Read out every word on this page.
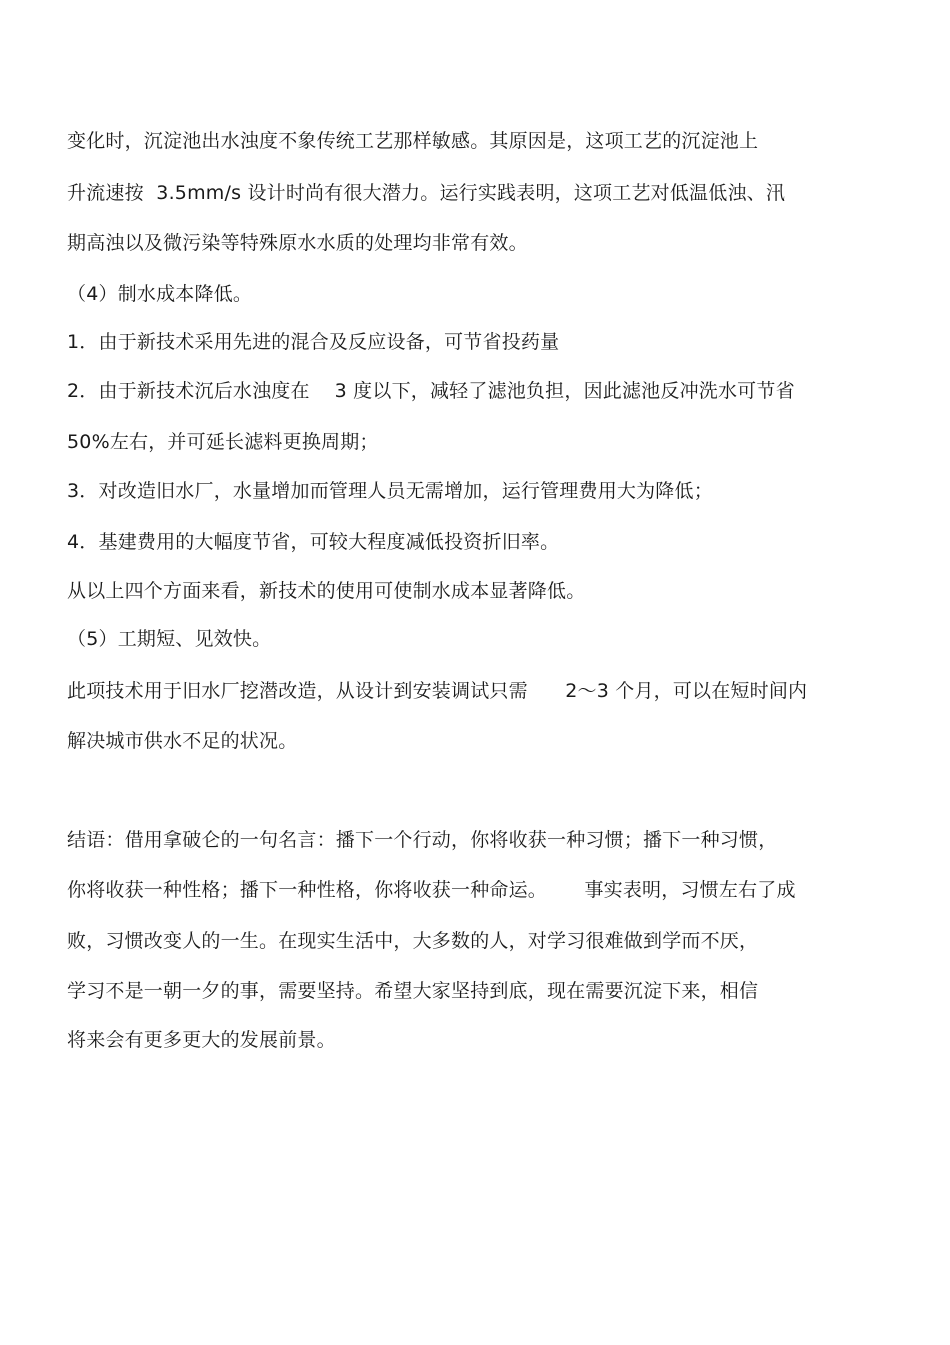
变化时，沉淀池出水浊度不象传统工艺那样敏感。其原因是，这项工艺的沉淀池上
升流速按  3.5mm/s 设计时尚有很大潜力。运行实践表明，这项工艺对低温低浊、汛
期高浊以及微污染等特殊原水水质的处理均非常有效。
（4）制水成本降低。
1．由于新技术采用先进的混合及反应设备，可节省投药量
2．由于新技术沉后水浊度在    3 度以下，减轻了滤池负担，因此滤池反冲洗水可节省
50%左右，并可延长滤料更换周期；
3．对改造旧水厂，水量增加而管理人员无需增加，运行管理费用大为降低；
4．基建费用的大幅度节省，可较大程度减低投资折旧率。
从以上四个方面来看，新技术的使用可使制水成本显著降低。
（5）工期短、见效快。
此项技术用于旧水厂挖潜改造，从设计到安装调试只需      2～3 个月，可以在短时间内
解决城市供水不足的状况。
结语：借用拿破仑的一句名言：播下一个行动，你将收获一种习惯；播下一种习惯，
你将收获一种性格；播下一种性格，你将收获一种命运。      事实表明，习惯左右了成
败，习惯改变人的一生。在现实生活中，大多数的人，对学习很难做到学而不厌，
学习不是一朝一夕的事，需要坚持。希望大家坚持到底，现在需要沉淀下来，相信
将来会有更多更大的发展前景。
